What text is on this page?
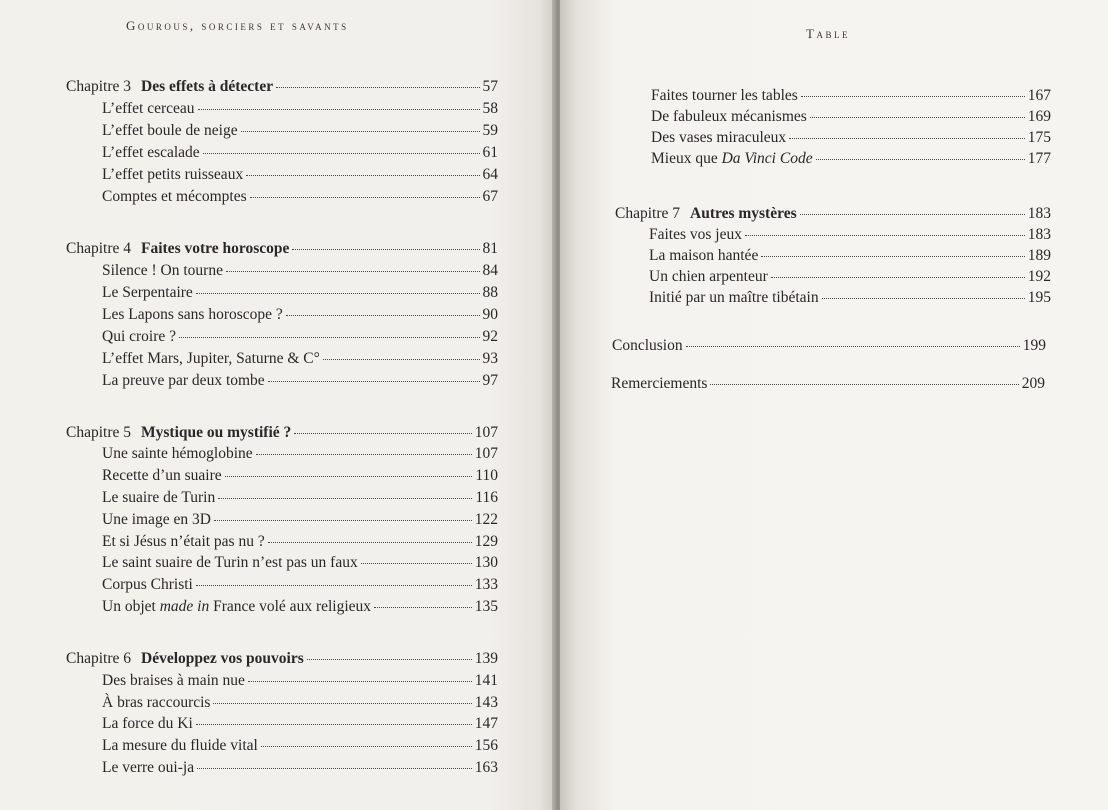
Gourous, sorciers et savants
Chapitre 3 Des effets à détecter	57
L’effet cerceau	58
L’effet boule de neige	59
L’effet escalade	61
L’effet petits ruisseaux	64
Comptes et mécomptes	67
Chapitre 4 Faites votre horoscope	81
Silence ! On tourne	84
Le Serpentaire	88
Les Lapons sans horoscope ?	90
Qui croire ?	92
L’effet Mars, Jupiter, Saturne & C°	93
La preuve par deux tombe	97
Chapitre 5 Mystique ou mystifié ?	107
Une sainte hémoglobine	107
Recette d’un suaire	110
Le suaire de Turin	116
Une image en 3D	122
Et si Jésus n’était pas nu ?	129
Le saint suaire de Turin n’est pas un faux	130
Corpus Christi	133
Un objet made in France volé aux religieux	135
Chapitre 6 Développez vos pouvoirs	139
Des braises à main nue	141
À bras raccourcis	143
La force du Ki	147
La mesure du fluide vital	156
Le verre oui-ja	163
Table
Faites tourner les tables	167
De fabuleux mécanismes	169
Des vases miraculeux	175
Mieux que Da Vinci Code	177
Chapitre 7 Autres mystères	183
Faites vos jeux	183
La maison hantée	189
Un chien arpenteur	192
Initié par un maître tibétain	195
Conclusion	199
Remerciements	209
